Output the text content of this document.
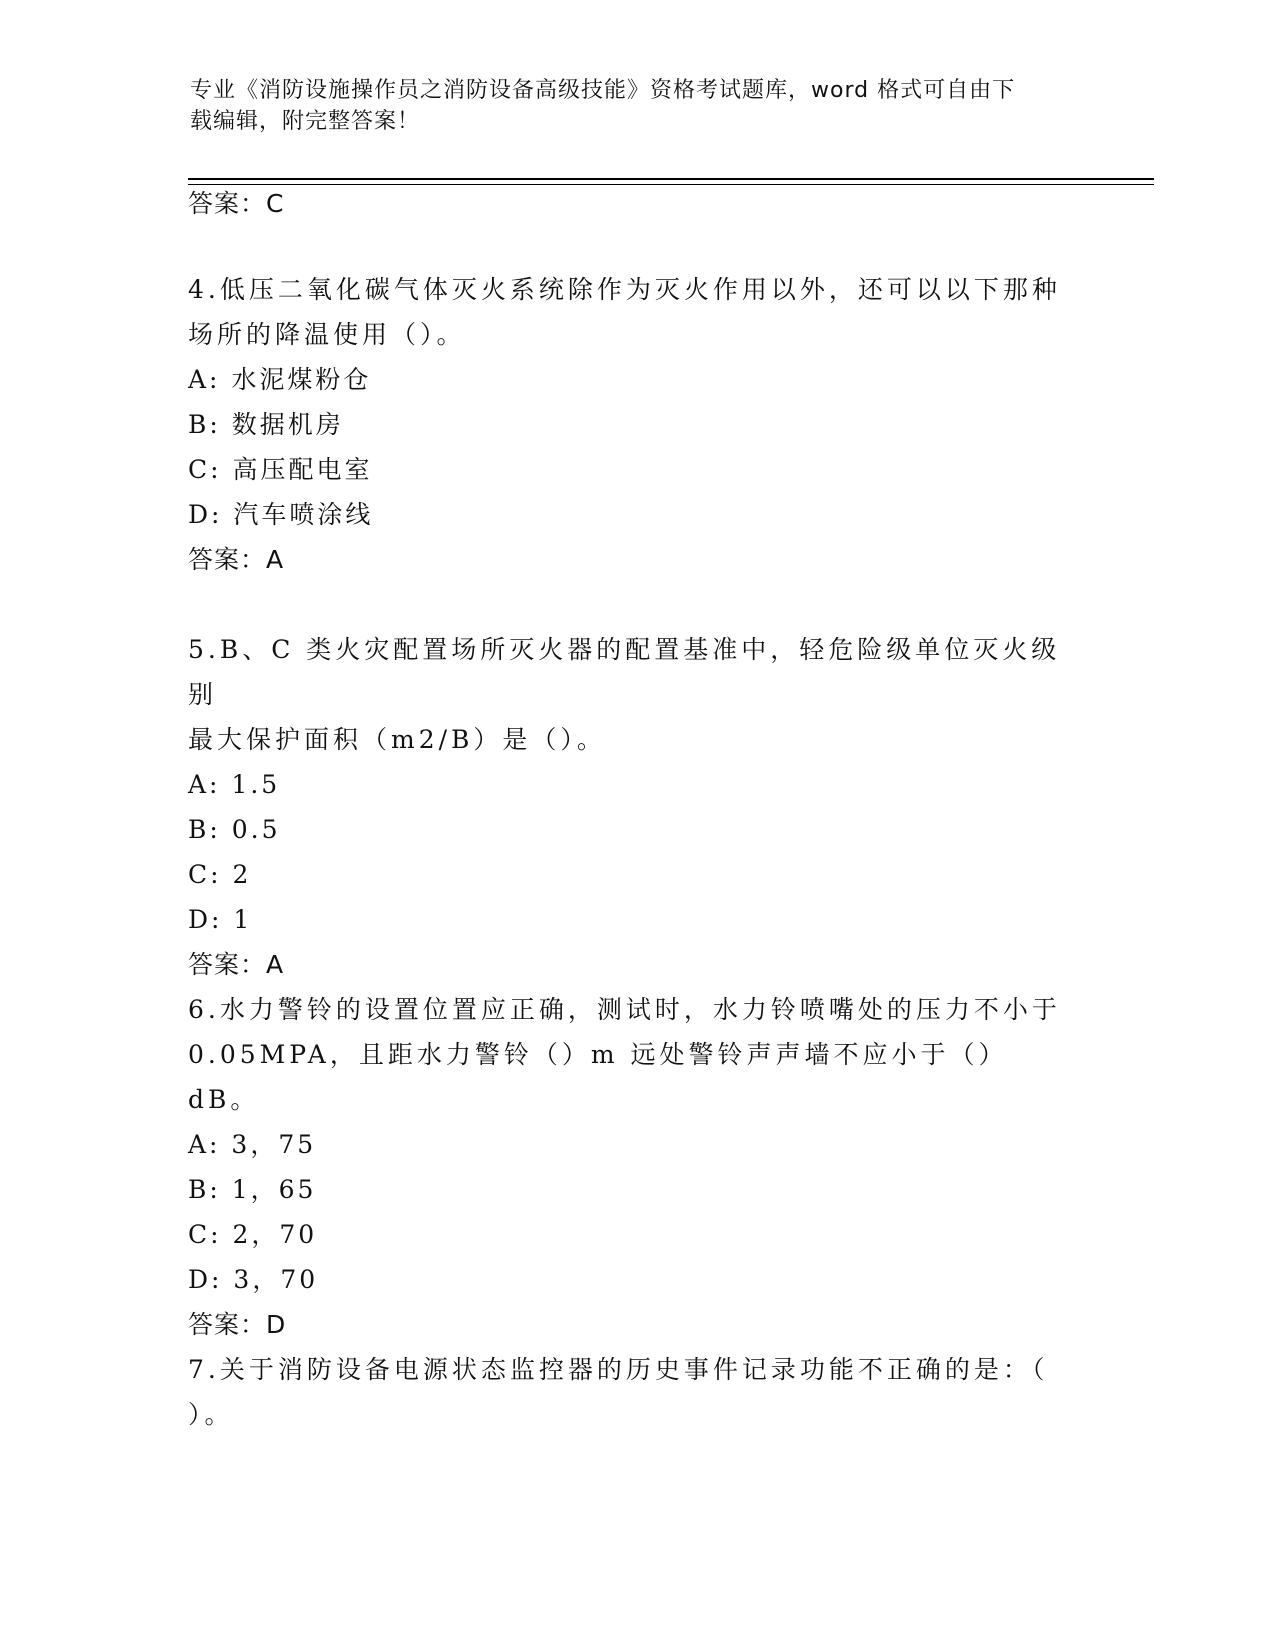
专业《消防设施操作员之消防设备高级技能》资格考试题库，word 格式可自由下
载编辑，附完整答案！
答案：C
4.低压二氧化碳气体灭火系统除作为灭火作用以外，还可以以下那种
场所的降温使用（）。
A: 水泥煤粉仓
B: 数据机房
C: 高压配电室
D: 汽车喷涂线
答案：A
5.B、C 类火灾配置场所灭火器的配置基准中，轻危险级单位灭火级别
最大保护面积（m2/B）是（）。
A: 1.5
B: 0.5
C: 2
D: 1
答案：A
6.水力警铃的设置位置应正确，测试时，水力铃喷嘴处的压力不小于
0.05MPA，且距水力警铃（）m 远处警铃声声墙不应小于（）dB。
A: 3，75
B: 1，65
C: 2，70
D: 3，70
答案：D
7.关于消防设备电源状态监控器的历史事件记录功能不正确的是：（
）。
